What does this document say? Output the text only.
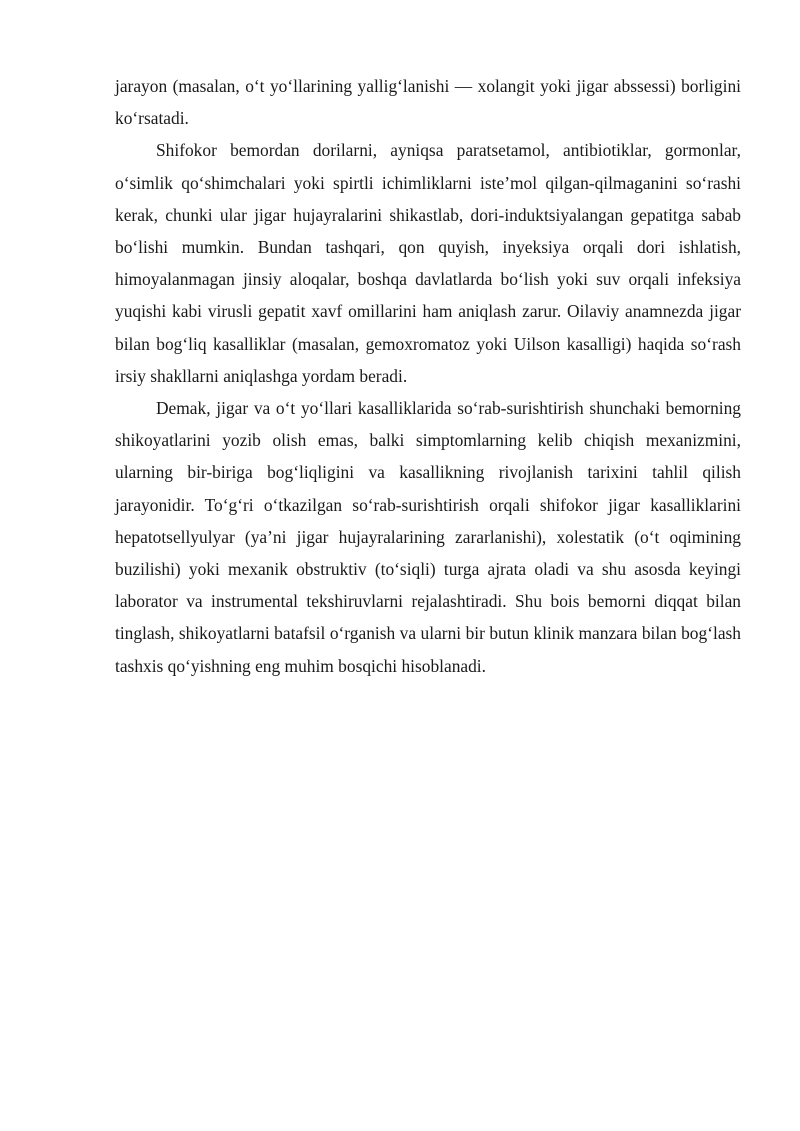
jarayon (masalan, o‘t yo‘llarining yallig‘lanishi — xolangit yoki jigar abssessi) borligini ko‘rsatadi.

Shifokor bemordan dorilarni, ayniqsa paratsetamol, antibiotiklar, gormonlar, o‘simlik qo‘shimchalari yoki spirtli ichimliklarni iste’mol qilgan-qilmaganini so‘rashi kerak, chunki ular jigar hujayralarini shikastlab, dori-induktsiyalangan gepatitga sabab bo‘lishi mumkin. Bundan tashqari, qon quyish, inyeksiya orqali dori ishlatish, himoyalanmagan jinsiy aloqalar, boshqa davlatlarda bo‘lish yoki suv orqali infeksiya yuqishi kabi virusli gepatit xavf omillarini ham aniqlash zarur. Oilaviy anamnezda jigar bilan bog‘liq kasalliklar (masalan, gemoxromatoz yoki Uilson kasalligi) haqida so‘rash irsiy shakllarni aniqlashga yordam beradi.

Demak, jigar va o‘t yo‘llari kasalliklarida so‘rab-surishtirish shunchaki bemorning shikoyatlarini yozib olish emas, balki simptomlarning kelib chiqish mexanizmini, ularning bir-biriga bog‘liqligini va kasallikning rivojlanish tarixini tahlil qilish jarayonidir. To‘g‘ri o‘tkazilgan so‘rab-surishtirish orqali shifokor jigar kasalliklarini hepatotsellyulyar (ya’ni jigar hujayralarining zararlanishi), xolestatik (o‘t oqimining buzilishi) yoki mexanik obstruktiv (to‘siqli) turga ajrata oladi va shu asosda keyingi laborator va instrumental tekshiruvlarni rejalashtiradi. Shu bois bemorni diqqat bilan tinglash, shikoyatlarni batafsil o‘rganish va ularni bir butun klinik manzara bilan bog‘lash tashxis qo‘yishning eng muhim bosqichi hisoblanadi.
